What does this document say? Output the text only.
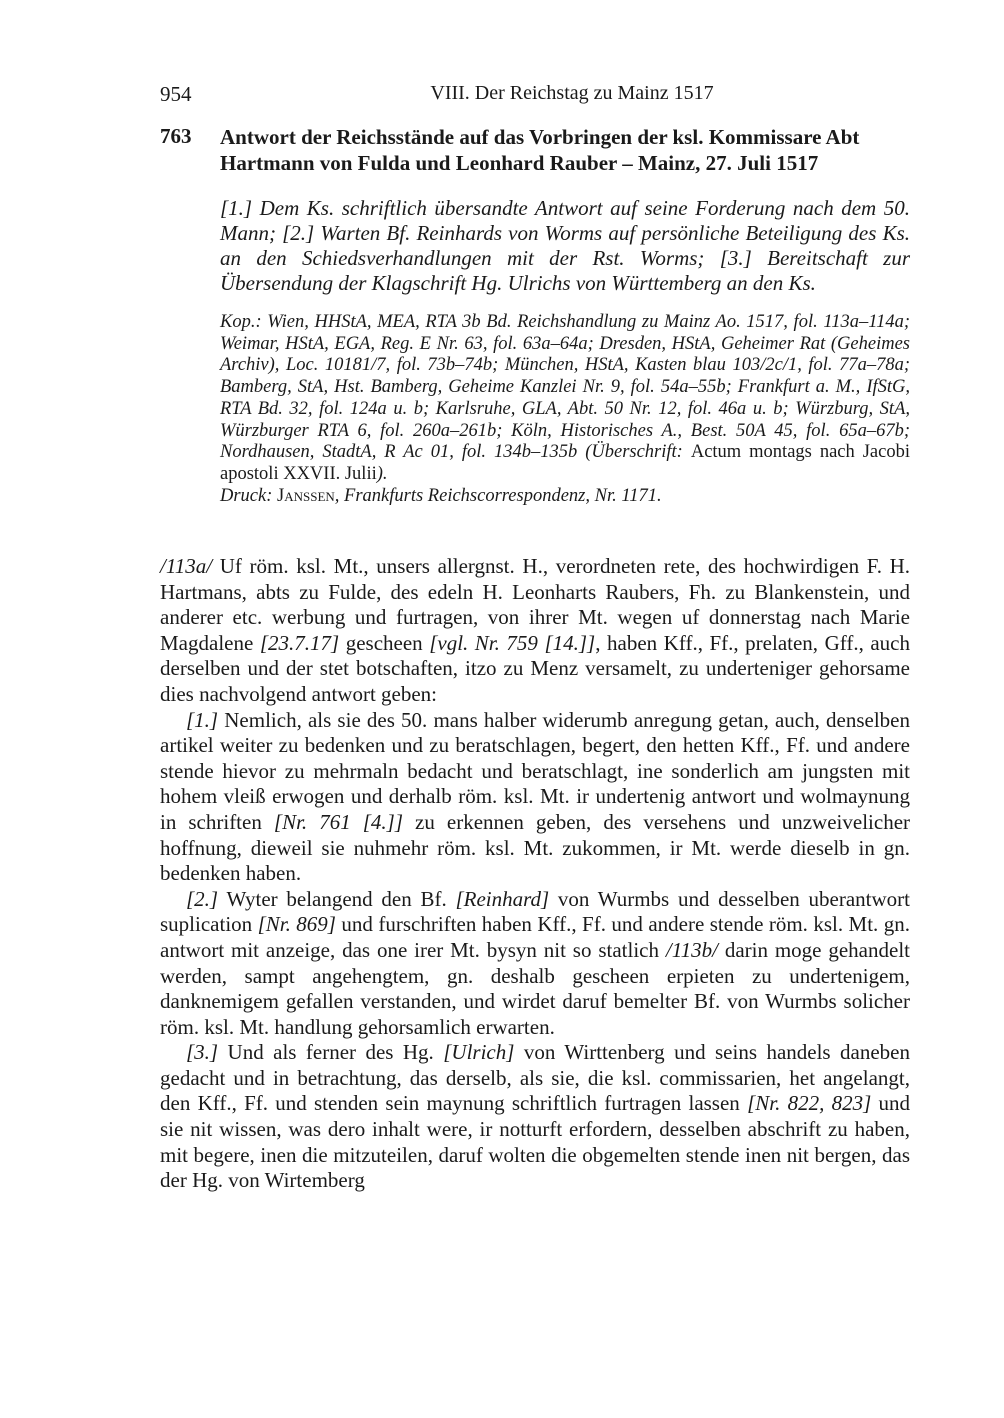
954	VIII. Der Reichstag zu Mainz 1517
763 Antwort der Reichsstände auf das Vorbringen der ksl. Kommissare Abt Hartmann von Fulda und Leonhard Rauber – Mainz, 27. Juli 1517

[1.] Dem Ks. schriftlich übersandte Antwort auf seine Forderung nach dem 50. Mann; [2.] Warten Bf. Reinhards von Worms auf persönliche Beteiligung des Ks. an den Schiedsverhandlungen mit der Rst. Worms; [3.] Bereitschaft zur Übersendung der Klagschrift Hg. Ulrichs von Württemberg an den Ks.

Kop.: Wien, HHStA, MEA, RTA 3b Bd. Reichshandlung zu Mainz Ao. 1517, fol. 113a–114a; Weimar, HStA, EGA, Reg. E Nr. 63, fol. 63a–64a; Dresden, HStA, Geheimer Rat (Geheimes Archiv), Loc. 10181/7, fol. 73b–74b; München, HStA, Kasten blau 103/2c/1, fol. 77a–78a; Bamberg, StA, Hst. Bamberg, Geheime Kanzlei Nr. 9, fol. 54a–55b; Frankfurt a. M., IfStG, RTA Bd. 32, fol. 124a u. b; Karlsruhe, GLA, Abt. 50 Nr. 12, fol. 46a u. b; Würzburg, StA, Würzburger RTA 6, fol. 260a–261b; Köln, Historisches A., Best. 50A 45, fol. 65a–67b; Nordhausen, StadtA, R Ac 01, fol. 134b–135b (Überschrift: Actum montags nach Jacobi apostoli XXVII. Julii).

Druck: Janssen, Frankfurts Reichscorrespondenz, Nr. 1171.

/113a/ Uf röm. ksl. Mt., unsers allergnst. H., verordneten rete, des hochwirdigen F. H. Hartmans, abts zu Fulde, des edeln H. Leonharts Raubers, Fh. zu Blankenstein, und anderer etc. werbung und furtragen, von ihrer Mt. wegen uf donnerstag nach Marie Magdalene [23.7.17] gescheen [vgl. Nr. 759 [14.]], haben Kff., Ff., prelaten, Gff., auch derselben und der stet botschaften, itzo zu Menz versamelt, zu underteniger gehorsame dies nachvolgend antwort geben:

[1.] Nemlich, als sie des 50. mans halber widerumb anregung getan, auch, denselben artikel weiter zu bedenken und zu beratschlagen, begert, den hetten Kff., Ff. und andere stende hievor zu mehrmaln bedacht und beratschlagt, ine sonderlich am jungsten mit hohem vleiß erwogen und derhalb röm. ksl. Mt. ir undertenig antwort und wolmaynung in schriften [Nr. 761 [4.]] zu erkennen geben, des versehens und unzweivelicher hoffnung, dieweil sie nuhmehr röm. ksl. Mt. zukommen, ir Mt. werde dieselb in gn. bedenken haben.

[2.] Wyter belangend den Bf. [Reinhard] von Wurmbs und desselben uberantwort suplication [Nr. 869] und furschriften haben Kff., Ff. und andere stende röm. ksl. Mt. gn. antwort mit anzeige, das one irer Mt. bysyn nit so statlich /113b/ darin moge gehandelt werden, sampt angehengtem, gn. deshalb gescheen erpieten zu undertenigem, danknemigem gefallen verstanden, und wirdet daruf bemelter Bf. von Wurmbs solicher röm. ksl. Mt. handlung gehorsamlich erwarten.

[3.] Und als ferner des Hg. [Ulrich] von Wirttenberg und seins handels daneben gedacht und in betrachtung, das derselb, als sie, die ksl. commissarien, het angelangt, den Kff., Ff. und stenden sein maynung schriftlich furtragen lassen [Nr. 822, 823] und sie nit wissen, was dero inhalt were, ir notturft erfordern, desselben abschrift zu haben, mit begere, inen die mitzuteilen, daruf wolten die obgemelten stende inen nit bergen, das der Hg. von Wirtemberg
